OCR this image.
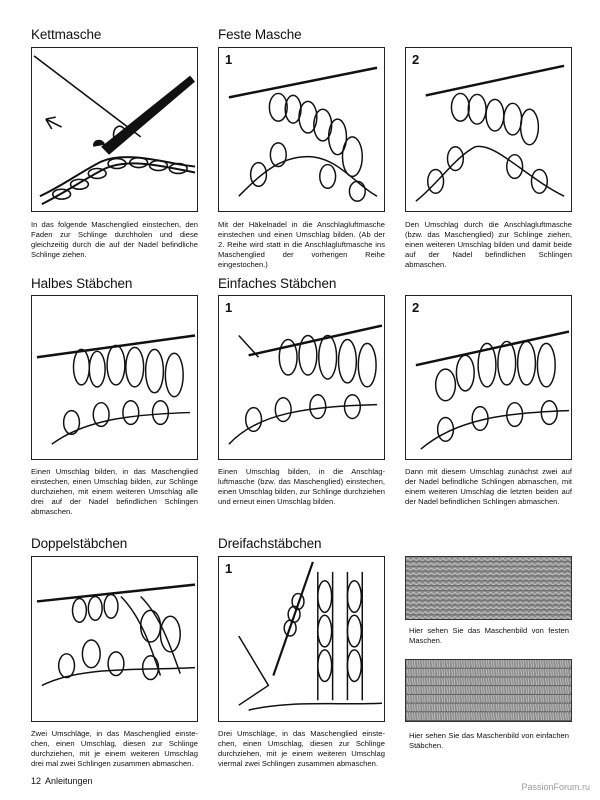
Kettmasche	Feste Masche
1	2

In das folgende Maschenglied einstechen, den Faden zur Schlinge durchholen und diese gleichzeitig durch die auf der Nadel befindliche Schlinge ziehen.

Mit der Häkelnadel in die Anschlagluftmasche einstechen und einen Umschlag bilden. (Ab der 2. Reihe wird statt in die Anschlagluftmasche ins Maschenglied der vorherigen Reihe eingestochen.)

Den Umschlag durch die Anschlagluftmasche (bzw. das Maschenglied) zur Schlinge ziehen, einen weiteren Umschlag bilden und damit beide auf der Nadel befindlichen Schlingen abmaschen.

Halbes Stäbchen	Einfaches Stäbchen
1	2

Einen Umschlag bilden, in das Maschenglied einstechen, einen Umschlag bilden, zur Schlinge durchziehen, mit einem weiteren Umschlag alle drei auf der Nadel befindlichen Schlingen abmaschen.

Einen Umschlag bilden, in die Anschlag-luftmasche (bzw. das Maschenglied) einstechen, einen Umschlag bilden, zur Schlinge durchziehen und erneut einen Umschlag bilden.

Dann mit diesem Umschlag zunächst zwei auf der Nadel befindliche Schlingen abmaschen, mit einem weiteren Umschlag die letzten beiden auf der Nadel befindlichen Schlingen abmaschen.

Doppelstäbchen	Dreifachstäbchen
1

Hier sehen Sie das Maschenbild von festen Maschen.

Hier sehen Sie das Maschenbild von einfachen Stäbchen.

Zwei Umschläge, in das Maschenglied einste-chen, einen Umschlag, diesen zur Schlinge durchziehen, mit je einem weiteren Umschlag drei mal zwei Schlingen zusammen abmaschen.

Drei Umschläge, in das Maschenglied einste-chen, einen Umschlag, diesen zur Schlinge durchziehen, mit je einem weiteren Umschlag viermal zwei Schlingen zusammen abmaschen.

12 Anleitungen
PassionForum.ru
